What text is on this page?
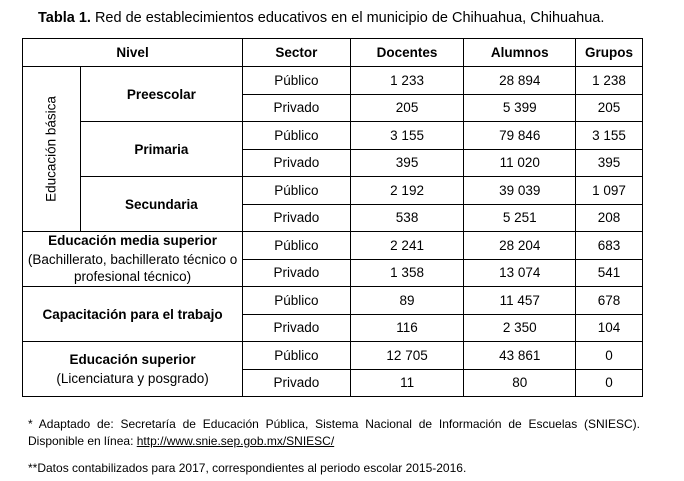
Tabla 1. Red de establecimientos educativos en el municipio de Chihuahua, Chihuahua.
Nivel		Sector	Docentes	Alumnos	Grupos

Educación básica	Preescolar	Público	1 233	28 894	1 238
		Privado	205	5 399	205
	Primaria	Público	3 155	79 846	3 155
		Privado	395	11 020	395
	Secundaria	Público	2 192	39 039	1 097
		Privado	538	5 251	208
Educación media superior
(Bachillerato, bachillerato técnico o profesional técnico)		Público	2 241	28 204	683
		Privado	1 358	13 074	541
Capacitación para el trabajo		Público	89	11 457	678
		Privado	116	2 350	104
Educación superior
(Licenciatura y posgrado)		Público	12 705	43 861	0
		Privado	11	80	0

* Adaptado de: Secretaría de Educación Pública, Sistema Nacional de Información de Escuelas (SNIESC). Disponible en línea: http://www.snie.sep.gob.mx/SNIESC/

**Datos contabilizados para 2017, correspondientes al periodo escolar 2015-2016.
